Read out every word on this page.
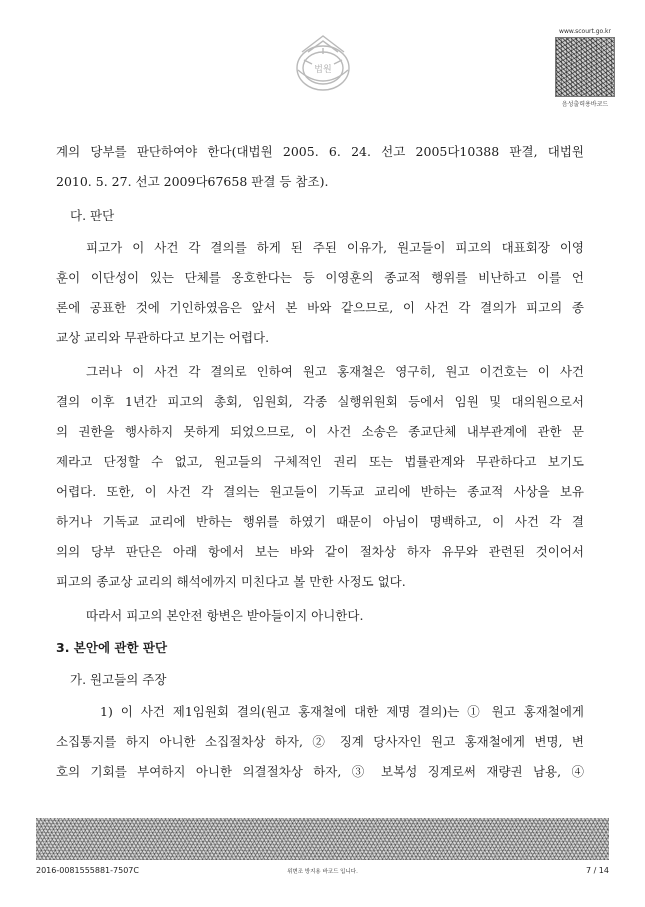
법원
www.scourt.go.kr
음성출력용바코드
계의 당부를 판단하여야 한다(대법원 2005. 6. 24. 선고 2005다10388 판결, 대법원
2010. 5. 27. 선고 2009다67658 판결 등 참조).
다. 판단
피고가 이 사건 각 결의를 하게 된 주된 이유가, 원고들이 피고의 대표회장 이영
훈이 이단성이 있는 단체를 옹호한다는 등 이영훈의 종교적 행위를 비난하고 이를 언
론에 공표한 것에 기인하였음은 앞서 본 바와 같으므로, 이 사건 각 결의가 피고의 종
교상 교리와 무관하다고 보기는 어렵다.
그러나 이 사건 각 결의로 인하여 원고 홍재철은 영구히, 원고 이건호는 이 사건
결의 이후 1년간 피고의 총회, 임원회, 각종 실행위원회 등에서 임원 및 대의원으로서
의 권한을 행사하지 못하게 되었으므로, 이 사건 소송은 종교단체 내부관계에 관한 문
제라고 단정할 수 없고, 원고들의 구체적인 권리 또는 법률관계와 무관하다고 보기도
어렵다. 또한, 이 사건 각 결의는 원고들이 기독교 교리에 반하는 종교적 사상을 보유
하거나 기독교 교리에 반하는 행위를 하였기 때문이 아님이 명백하고, 이 사건 각 결
의의 당부 판단은 아래 항에서 보는 바와 같이 절차상 하자 유무와 관련된 것이어서
피고의 종교상 교리의 해석에까지 미친다고 볼 만한 사정도 없다.
따라서 피고의 본안전 항변은 받아들이지 아니한다.
3. 본안에 관한 판단
가. 원고들의 주장
1) 이 사건 제1임원회 결의(원고 홍재철에 대한 제명 결의)는 ① 원고 홍재철에게
소집통지를 하지 아니한 소집절차상 하자, ② 징계 당사자인 원고 홍재철에게 변명, 변
호의 기회를 부여하지 아니한 의결절차상 하자, ③ 보복성 징계로써 재량권 남용, ④
2016-0081555881-7507C	위변조 방지용 바코드 입니다.	7 / 14
